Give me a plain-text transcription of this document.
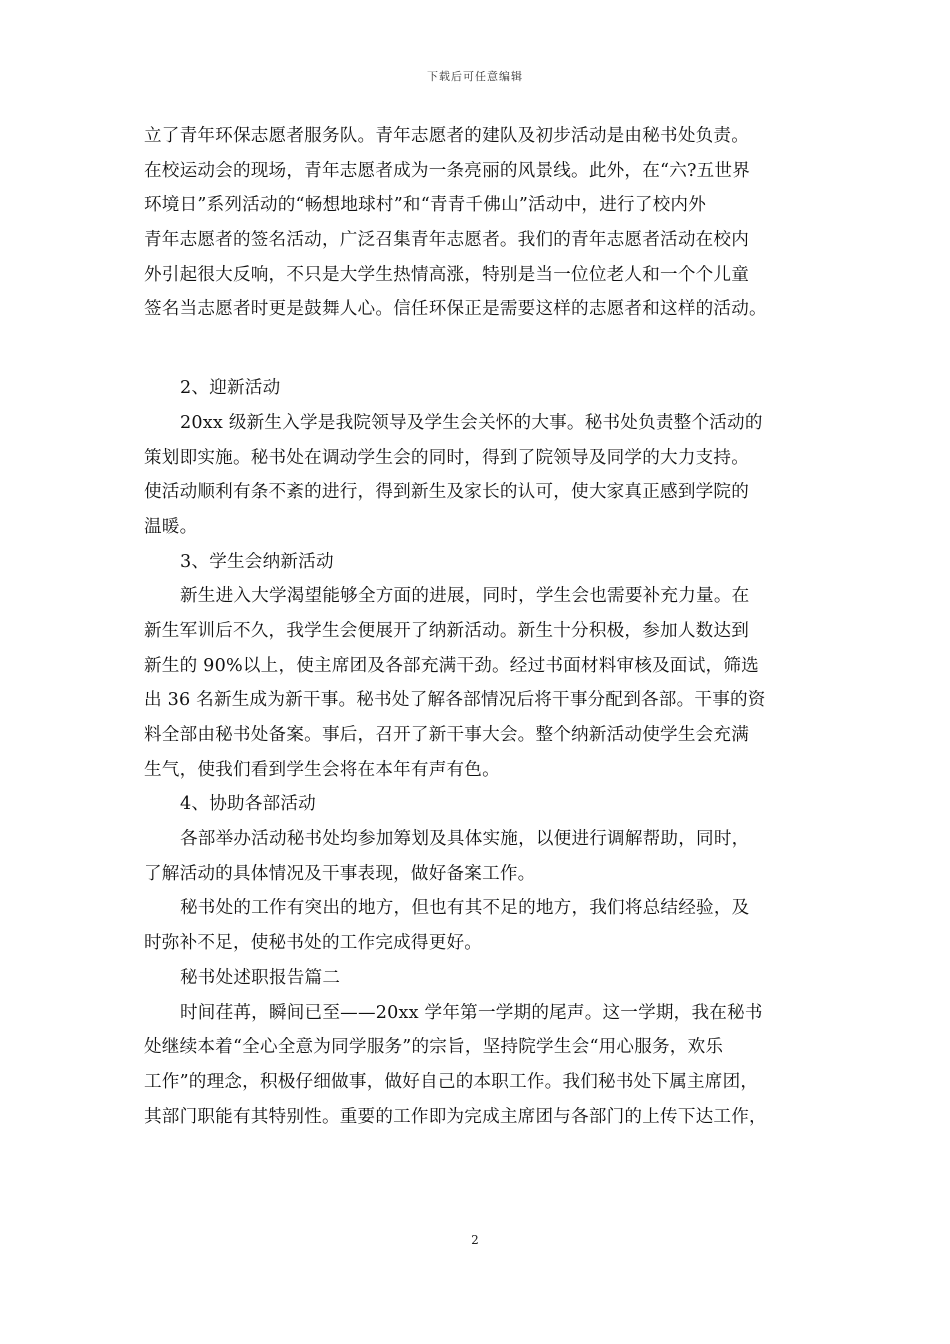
下载后可任意编辑
立了青年环保志愿者服务队。青年志愿者的建队及初步活动是由秘书处负责。
在校运动会的现场，青年志愿者成为一条亮丽的风景线。此外，在“六?五世界
环境日”系列活动的“畅想地球村”和“青青千佛山”活动中，进行了校内外
青年志愿者的签名活动，广泛召集青年志愿者。我们的青年志愿者活动在校内
外引起很大反响，不只是大学生热情高涨，特别是当一位位老人和一个个儿童
签名当志愿者时更是鼓舞人心。信任环保正是需要这样的志愿者和这样的活动。
2、迎新活动
20xx 级新生入学是我院领导及学生会关怀的大事。秘书处负责整个活动的
策划即实施。秘书处在调动学生会的同时，得到了院领导及同学的大力支持。
使活动顺利有条不紊的进行，得到新生及家长的认可，使大家真正感到学院的
温暖。
3、学生会纳新活动
新生进入大学渴望能够全方面的进展，同时，学生会也需要补充力量。在
新生军训后不久，我学生会便展开了纳新活动。新生十分积极，参加人数达到
新生的 90%以上，使主席团及各部充满干劲。经过书面材料审核及面试，筛选
出 36 名新生成为新干事。秘书处了解各部情况后将干事分配到各部。干事的资
料全部由秘书处备案。事后，召开了新干事大会。整个纳新活动使学生会充满
生气，使我们看到学生会将在本年有声有色。
4、协助各部活动
各部举办活动秘书处均参加筹划及具体实施，以便进行调解帮助，同时，
了解活动的具体情况及干事表现，做好备案工作。
秘书处的工作有突出的地方，但也有其不足的地方，我们将总结经验，及
时弥补不足，使秘书处的工作完成得更好。
秘书处述职报告篇二
时间荏苒，瞬间已至——20xx 学年第一学期的尾声。这一学期，我在秘书
处继续本着“全心全意为同学服务”的宗旨，坚持院学生会“用心服务，欢乐
工作”的理念，积极仔细做事，做好自己的本职工作。我们秘书处下属主席团，
其部门职能有其特别性。重要的工作即为完成主席团与各部门的上传下达工作，
2
